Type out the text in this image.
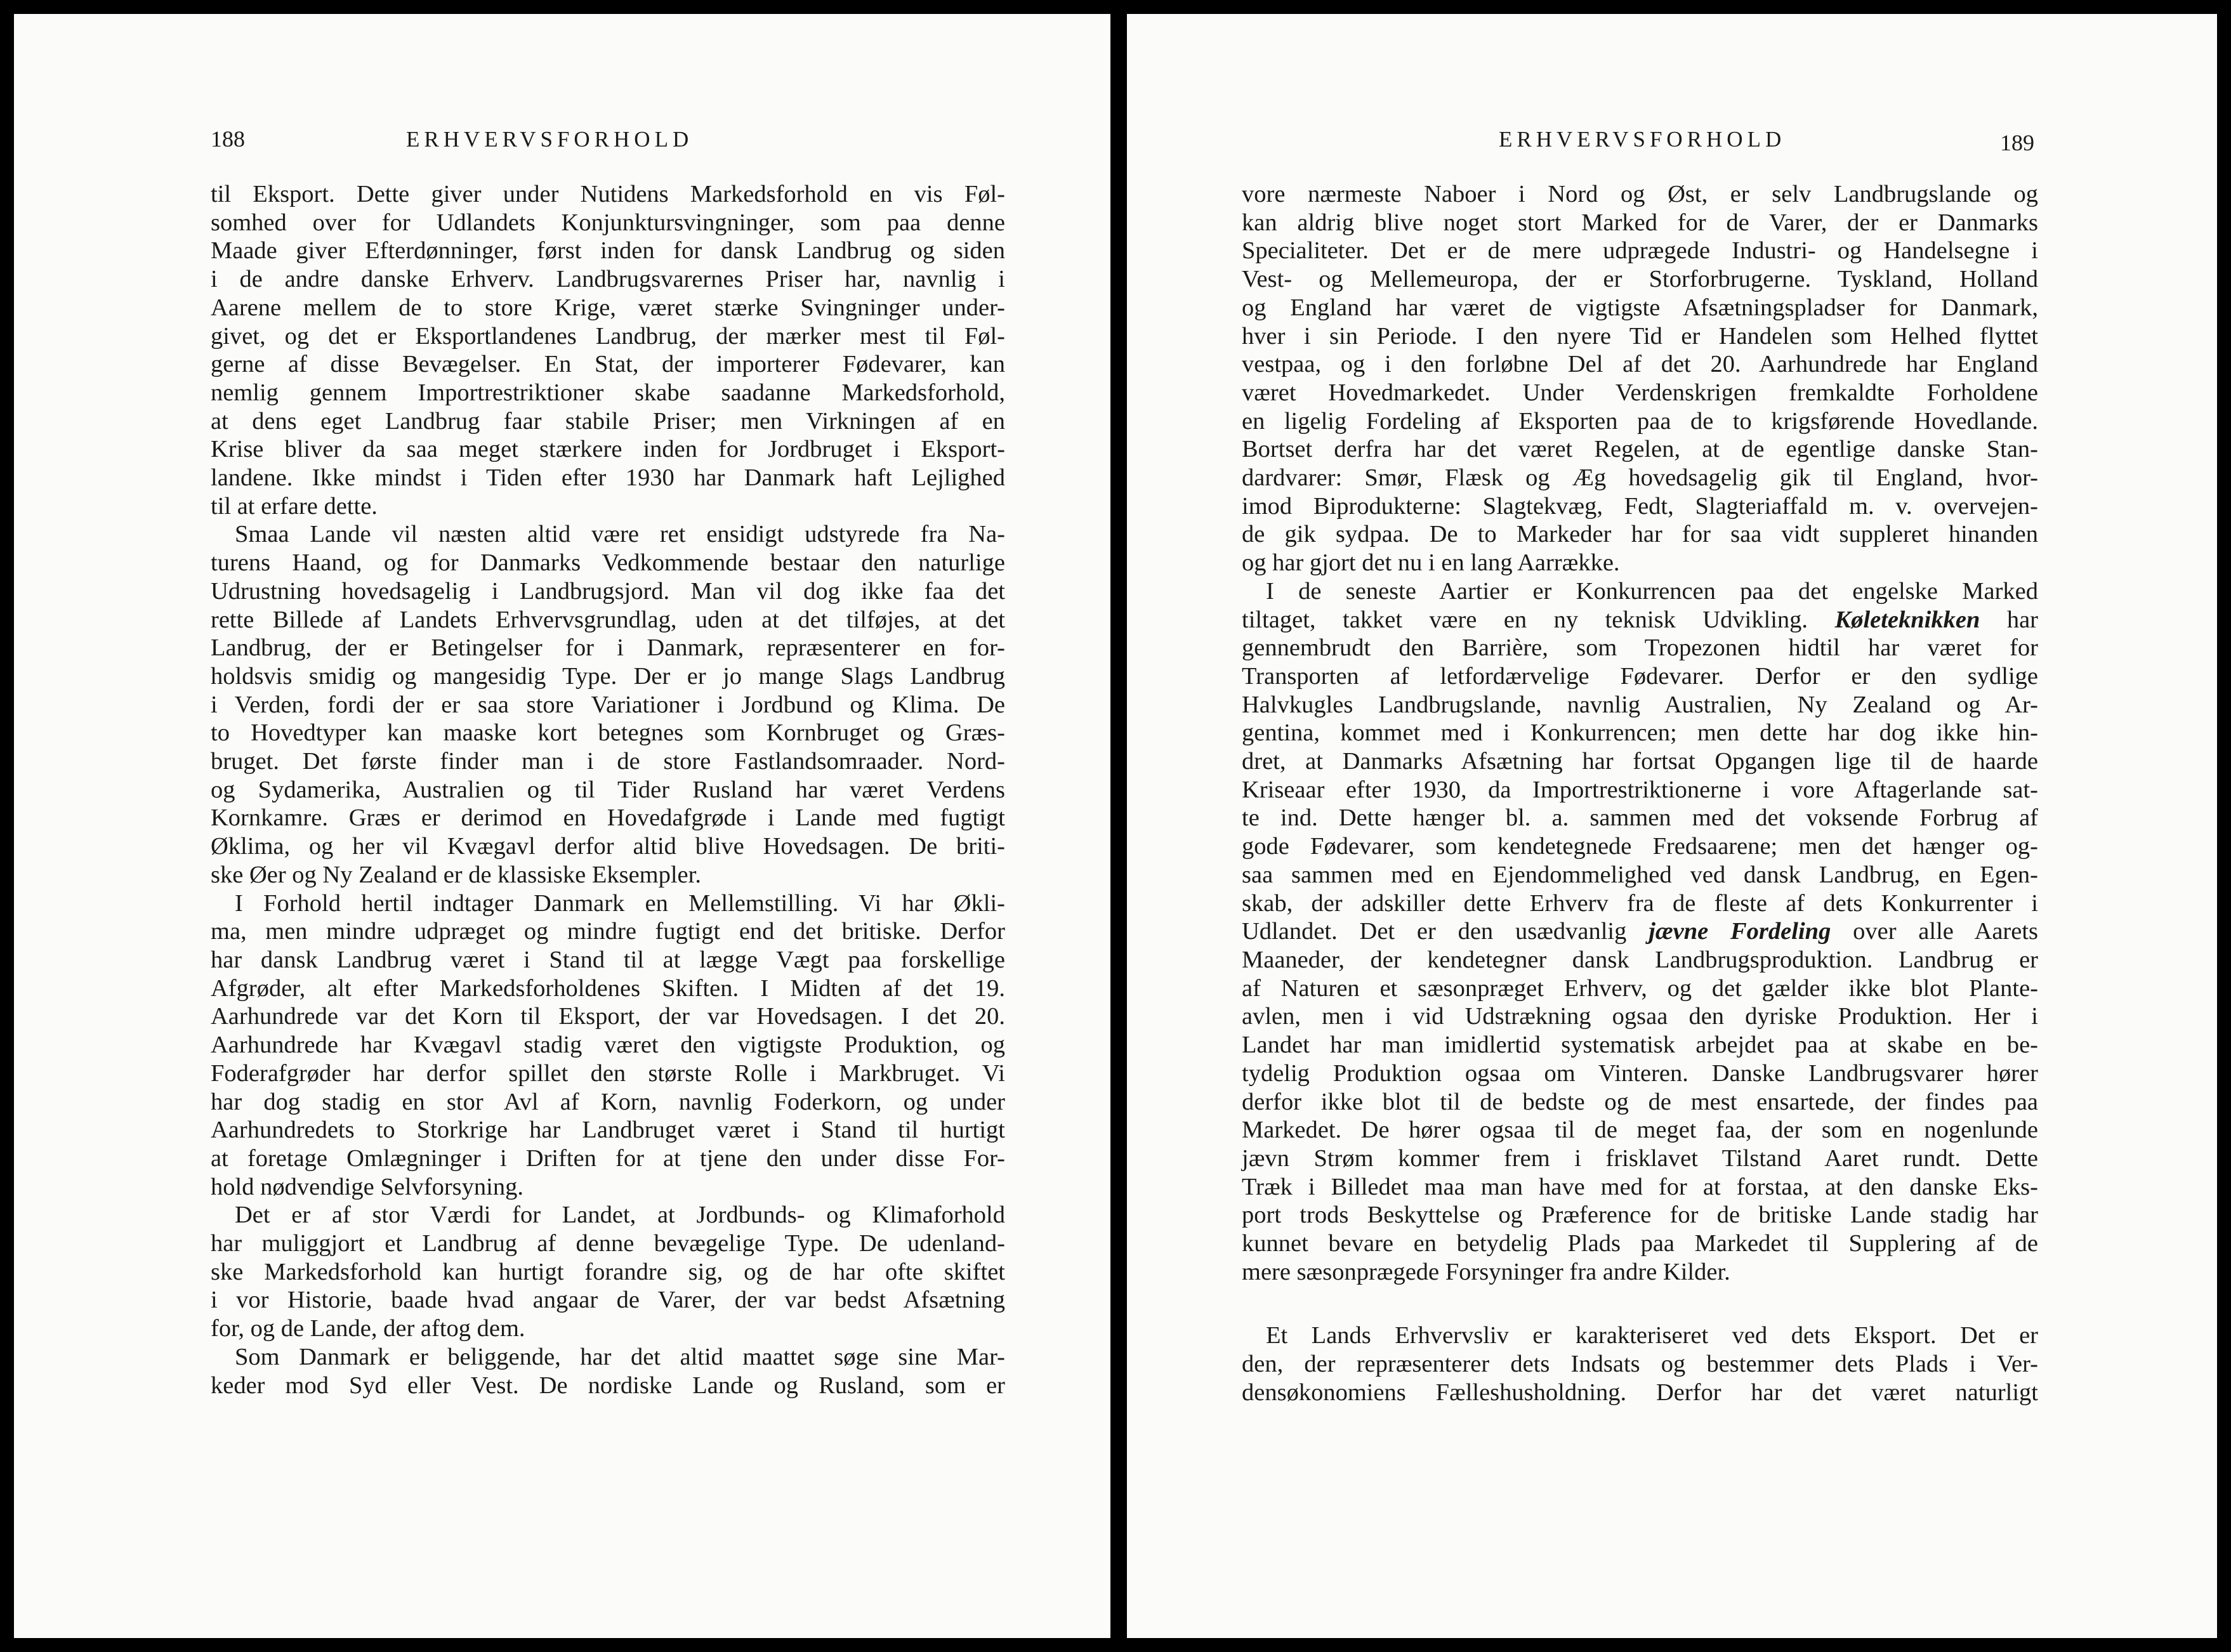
188	ERHVERVSFORHOLD
til Eksport. Dette giver under Nutidens Markedsforhold en vis Føl-
somhed over for Udlandets Konjunktursvingninger, som paa denne
Maade giver Efterdønninger, først inden for dansk Landbrug og siden
i de andre danske Erhverv. Landbrugsvarernes Priser har, navnlig i
Aarene mellem de to store Krige, været stærke Svingninger under-
givet, og det er Eksportlandenes Landbrug, der mærker mest til Føl-
gerne af disse Bevægelser. En Stat, der importerer Fødevarer, kan
nemlig gennem Importrestriktioner skabe saadanne Markedsforhold,
at dens eget Landbrug faar stabile Priser; men Virkningen af en
Krise bliver da saa meget stærkere inden for Jordbruget i Eksport-
landene. Ikke mindst i Tiden efter 1930 har Danmark haft Lejlighed
til at erfare dette.
Smaa Lande vil næsten altid være ret ensidigt udstyrede fra Na-
turens Haand, og for Danmarks Vedkommende bestaar den naturlige
Udrustning hovedsagelig i Landbrugsjord. Man vil dog ikke faa det
rette Billede af Landets Erhvervsgrundlag, uden at det tilføjes, at det
Landbrug, der er Betingelser for i Danmark, repræsenterer en for-
holdsvis smidig og mangesidig Type. Der er jo mange Slags Landbrug
i Verden, fordi der er saa store Variationer i Jordbund og Klima. De
to Hovedtyper kan maaske kort betegnes som Kornbruget og Græs-
bruget. Det første finder man i de store Fastlandsomraader. Nord-
og Sydamerika, Australien og til Tider Rusland har været Verdens
Kornkamre. Græs er derimod en Hovedafgrøde i Lande med fugtigt
Øklima, og her vil Kvægavl derfor altid blive Hovedsagen. De briti-
ske Øer og Ny Zealand er de klassiske Eksempler.
I Forhold hertil indtager Danmark en Mellemstilling. Vi har Økli-
ma, men mindre udpræget og mindre fugtigt end det britiske. Derfor
har dansk Landbrug været i Stand til at lægge Vægt paa forskellige
Afgrøder, alt efter Markedsforholdenes Skiften. I Midten af det 19.
Aarhundrede var det Korn til Eksport, der var Hovedsagen. I det 20.
Aarhundrede har Kvægavl stadig været den vigtigste Produktion, og
Foderafgrøder har derfor spillet den største Rolle i Markbruget. Vi
har dog stadig en stor Avl af Korn, navnlig Foderkorn, og under
Aarhundredets to Storkrige har Landbruget været i Stand til hurtigt
at foretage Omlægninger i Driften for at tjene den under disse For-
hold nødvendige Selvforsyning.
Det er af stor Værdi for Landet, at Jordbunds- og Klimaforhold
har muliggjort et Landbrug af denne bevægelige Type. De udenland-
ske Markedsforhold kan hurtigt forandre sig, og de har ofte skiftet
i vor Historie, baade hvad angaar de Varer, der var bedst Afsætning
for, og de Lande, der aftog dem.
Som Danmark er beliggende, har det altid maattet søge sine Mar-
keder mod Syd eller Vest. De nordiske Lande og Rusland, som er
ERHVERVSFORHOLD	189
vore nærmeste Naboer i Nord og Øst, er selv Landbrugslande og
kan aldrig blive noget stort Marked for de Varer, der er Danmarks
Specialiteter. Det er de mere udprægede Industri- og Handelsegne i
Vest- og Mellemeuropa, der er Storforbrugerne. Tyskland, Holland
og England har været de vigtigste Afsætningspladser for Danmark,
hver i sin Periode. I den nyere Tid er Handelen som Helhed flyttet
vestpaa, og i den forløbne Del af det 20. Aarhundrede har England
været Hovedmarkedet. Under Verdenskrigen fremkaldte Forholdene
en ligelig Fordeling af Eksporten paa de to krigsførende Hovedlande.
Bortset derfra har det været Regelen, at de egentlige danske Stan-
dardvarer: Smør, Flæsk og Æg hovedsagelig gik til England, hvor-
imod Biprodukterne: Slagtekvæg, Fedt, Slagteriaffald m. v. overvejen-
de gik sydpaa. De to Markeder har for saa vidt suppleret hinanden
og har gjort det nu i en lang Aarrække.
I de seneste Aartier er Konkurrencen paa det engelske Marked
tiltaget, takket være en ny teknisk Udvikling. Køleteknikken har
gennembrudt den Barrière, som Tropezonen hidtil har været for
Transporten af letfordærvelige Fødevarer. Derfor er den sydlige
Halvkugles Landbrugslande, navnlig Australien, Ny Zealand og Ar-
gentina, kommet med i Konkurrencen; men dette har dog ikke hin-
dret, at Danmarks Afsætning har fortsat Opgangen lige til de haarde
Kriseaar efter 1930, da Importrestriktionerne i vore Aftagerlande sat-
te ind. Dette hænger bl. a. sammen med det voksende Forbrug af
gode Fødevarer, som kendetegnede Fredsaarene; men det hænger og-
saa sammen med en Ejendommelighed ved dansk Landbrug, en Egen-
skab, der adskiller dette Erhverv fra de fleste af dets Konkurrenter i
Udlandet. Det er den usædvanlig jævne Fordeling over alle Aarets
Maaneder, der kendetegner dansk Landbrugsproduktion. Landbrug er
af Naturen et sæsonpræget Erhverv, og det gælder ikke blot Plante-
avlen, men i vid Udstrækning ogsaa den dyriske Produktion. Her i
Landet har man imidlertid systematisk arbejdet paa at skabe en be-
tydelig Produktion ogsaa om Vinteren. Danske Landbrugsvarer hører
derfor ikke blot til de bedste og de mest ensartede, der findes paa
Markedet. De hører ogsaa til de meget faa, der som en nogenlunde
jævn Strøm kommer frem i frisklavet Tilstand Aaret rundt. Dette
Træk i Billedet maa man have med for at forstaa, at den danske Eks-
port trods Beskyttelse og Præference for de britiske Lande stadig har
kunnet bevare en betydelig Plads paa Markedet til Supplering af de
mere sæsonprægede Forsyninger fra andre Kilder.
Et Lands Erhvervsliv er karakteriseret ved dets Eksport. Det er
den, der repræsenterer dets Indsats og bestemmer dets Plads i Ver-
densøkonomiens Fælleshusholdning. Derfor har det været naturligt
